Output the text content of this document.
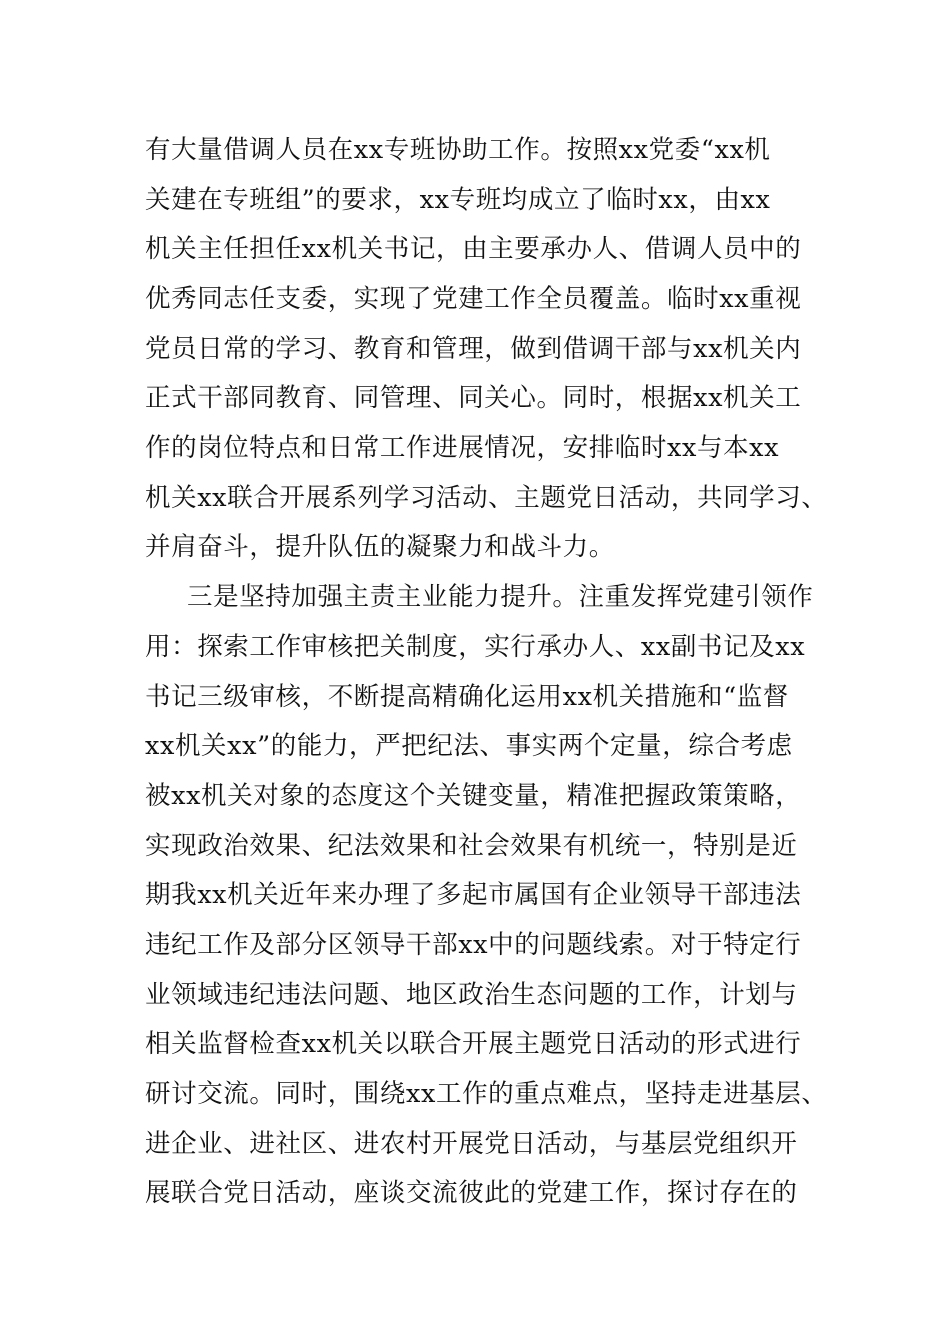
有大量借调人员在xx专班协助工作。按照xx党委“xx机
关建在专班组”的要求，xx专班均成立了临时xx，由xx
机关主任担任xx机关书记，由主要承办人、借调人员中的
优秀同志任支委，实现了党建工作全员覆盖。临时xx重视
党员日常的学习、教育和管理，做到借调干部与xx机关内
正式干部同教育、同管理、同关心。同时，根据xx机关工
作的岗位特点和日常工作进展情况，安排临时xx与本xx
机关xx联合开展系列学习活动、主题党日活动，共同学习、
并肩奋斗，提升队伍的凝聚力和战斗力。
三是坚持加强主责主业能力提升。注重发挥党建引领作
用：探索工作审核把关制度，实行承办人、xx副书记及xx
书记三级审核，不断提高精确化运用xx机关措施和“监督
xx机关xx”的能力，严把纪法、事实两个定量，综合考虑
被xx机关对象的态度这个关键变量，精准把握政策策略，
实现政治效果、纪法效果和社会效果有机统一，特别是近
期我xx机关近年来办理了多起市属国有企业领导干部违法
违纪工作及部分区领导干部xx中的问题线索。对于特定行
业领域违纪违法问题、地区政治生态问题的工作，计划与
相关监督检查xx机关以联合开展主题党日活动的形式进行
研讨交流。同时，围绕xx工作的重点难点，坚持走进基层、
进企业、进社区、进农村开展党日活动，与基层党组织开
展联合党日活动，座谈交流彼此的党建工作，探讨存在的
